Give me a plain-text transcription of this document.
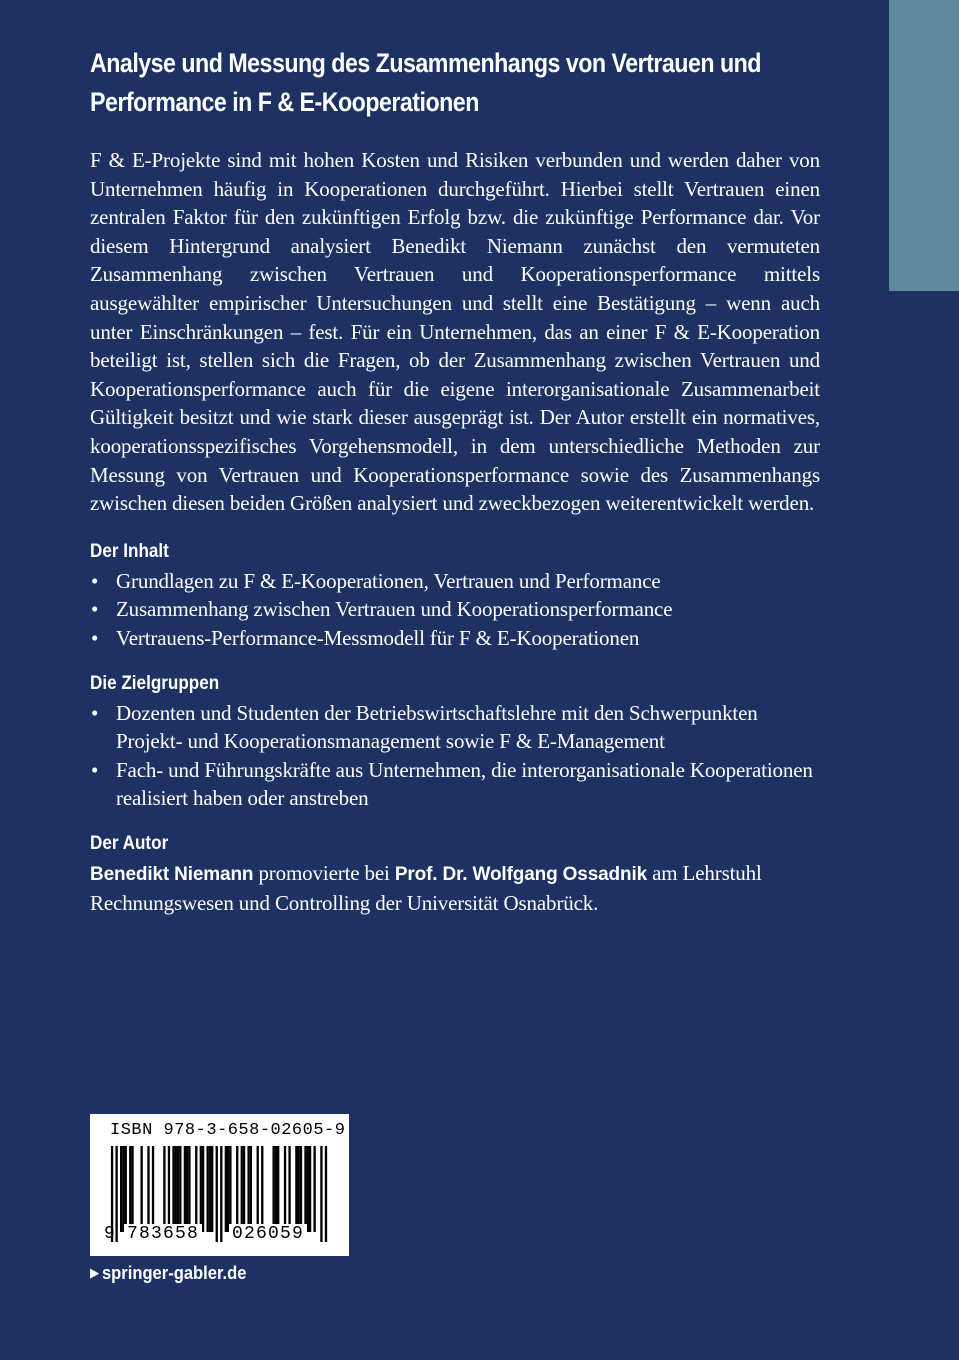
Analyse und Messung des Zusammenhangs von Vertrauen und
Performance in F & E-Kooperationen

F & E-Projekte sind mit hohen Kosten und Risiken verbunden und werden daher von Unternehmen häufig in Kooperationen durchgeführt. Hierbei stellt Vertrauen einen zentralen Faktor für den zukünftigen Erfolg bzw. die zukünftige Performance dar. Vor diesem Hintergrund analysiert Benedikt Niemann zunächst den vermuteten Zusammenhang zwischen Vertrauen und Kooperationsperformance mittels ausgewählter empirischer Untersuchungen und stellt eine Bestätigung – wenn auch unter Einschränkungen – fest. Für ein Unternehmen, das an einer F & E-Kooperation beteiligt ist, stellen sich die Fragen, ob der Zusammenhang zwischen Vertrauen und Kooperationsperformance auch für die eigene interorganisationale Zusammenarbeit Gültigkeit besitzt und wie stark dieser ausgeprägt ist. Der Autor erstellt ein normatives, kooperationsspezifisches Vorgehensmodell, in dem unterschiedliche Methoden zur Messung von Vertrauen und Kooperationsperformance sowie des Zusammenhangs zwischen diesen beiden Größen analysiert und zweckbezogen weiterentwickelt werden.

Der Inhalt
• Grundlagen zu F & E-Kooperationen, Vertrauen und Performance
• Zusammenhang zwischen Vertrauen und Kooperationsperformance
• Vertrauens-Performance-Messmodell für F & E-Kooperationen
Die Zielgruppen
• Dozenten und Studenten der Betriebswirtschaftslehre mit den Schwerpunkten Projekt- und Kooperationsmanagement sowie F & E-Management
• Fach- und Führungskräfte aus Unternehmen, die interorganisationale Kooperationen realisiert haben oder anstreben
Der Autor

Benedikt Niemann promovierte bei Prof. Dr. Wolfgang Ossadnik am Lehrstuhl Rechnungswesen und Controlling der Universität Osnabrück.

ISBN 978-3-658-02605-9
9 783658 026059
▶ springer-gabler.de
